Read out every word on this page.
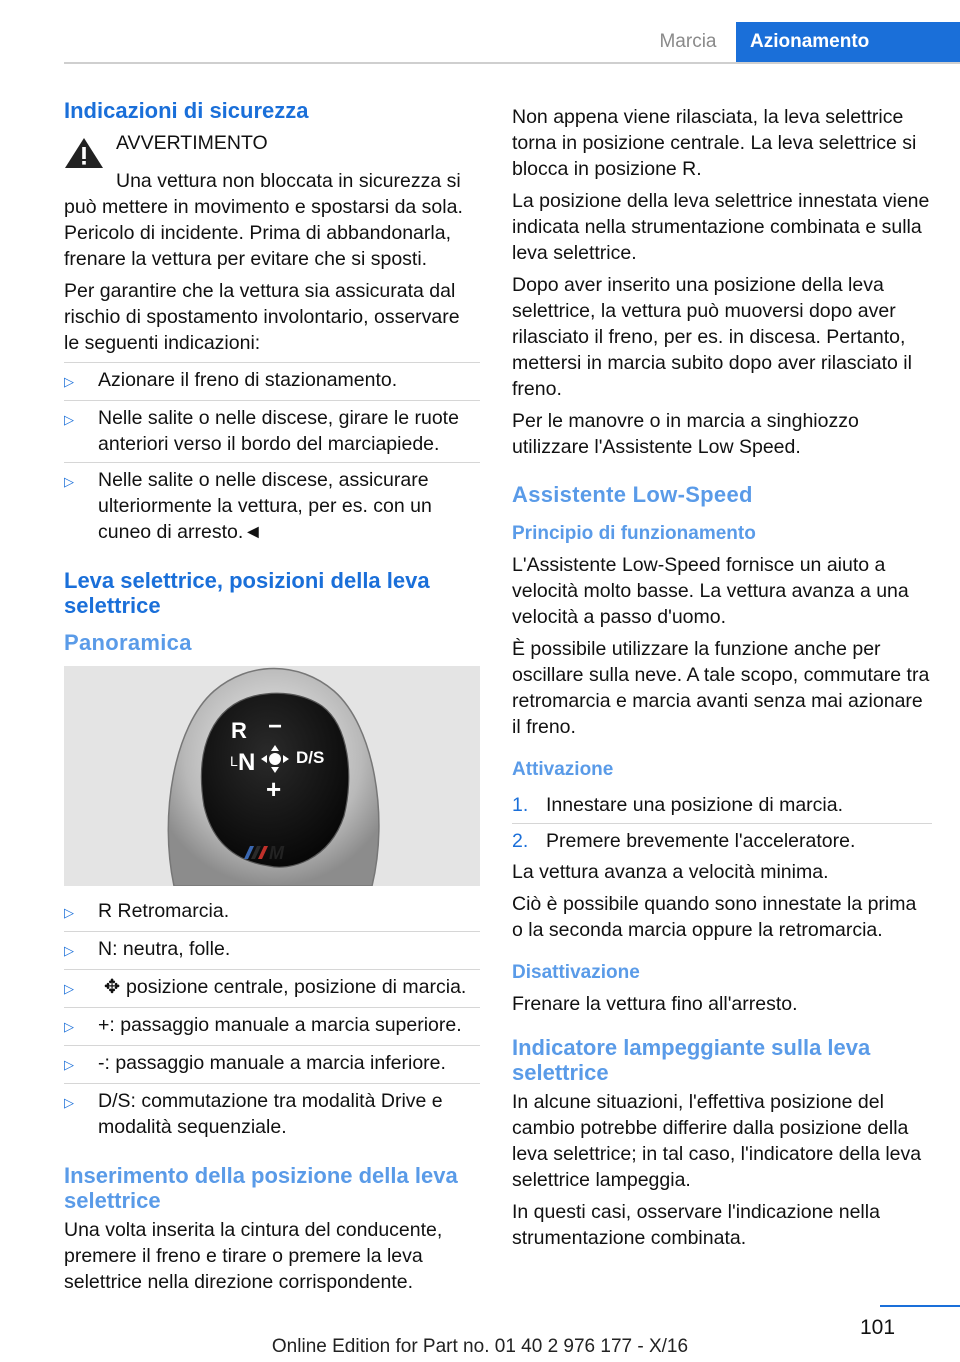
Marcia	Azionamento
Indicazioni di sicurezza

AVVERTIMENTO

Una vettura non bloccata in sicurezza si può mettere in movimento e spostarsi da sola. Pericolo di incidente. Prima di abbandonarla, frenare la vettura per evitare che si sposti.

Per garantire che la vettura sia assicurata dal rischio di spostamento involontario, osservare le seguenti indicazioni:

▷	Azionare il freno di stazionamento.
▷	Nelle salite o nelle discese, girare le ruote anteriori verso il bordo del marciapiede.
▷	Nelle salite o nelle discese, assicurare ulteriormente la vettura, per es. con un cuneo di arresto.◄
Leva selettrice, posizioni della leva selettrice
Panoramica
R −
L N D/S
+
M
▷	R Retromarcia.
▷	N: neutra, folle.
▷	✥ posizione centrale, posizione di marcia.
▷	+: passaggio manuale a marcia superiore.
▷	-: passaggio manuale a marcia inferiore.
▷	D/S: commutazione tra modalità Drive e modalità sequenziale.
Inserimento della posizione della leva selettrice

Una volta inserita la cintura del conducente, premere il freno e tirare o premere la leva selettrice nella direzione corrispondente.

Non appena viene rilasciata, la leva selettrice torna in posizione centrale. La leva selettrice si blocca in posizione R.

La posizione della leva selettrice innestata viene indicata nella strumentazione combinata e sulla leva selettrice.

Dopo aver inserito una posizione della leva selettrice, la vettura può muoversi dopo aver rilasciato il freno, per es. in discesa. Pertanto, mettersi in marcia subito dopo aver rilasciato il freno.

Per le manovre o in marcia a singhiozzo utilizzare l'Assistente Low Speed.

Assistente Low-Speed
Principio di funzionamento

L'Assistente Low-Speed fornisce un aiuto a velocità molto basse. La vettura avanza a una velocità a passo d'uomo.

È possibile utilizzare la funzione anche per oscillare sulla neve. A tale scopo, commutare tra retromarcia e marcia avanti senza mai azionare il freno.

Attivazione
1. Innestare una posizione di marcia.
2. Premere brevemente l'acceleratore.

La vettura avanza a velocità minima.

Ciò è possibile quando sono innestate la prima o la seconda marcia oppure la retromarcia.

Disattivazione

Frenare la vettura fino all'arresto.

Indicatore lampeggiante sulla leva selettrice

In alcune situazioni, l'effettiva posizione del cambio potrebbe differire dalla posizione della leva selettrice; in tal caso, l'indicatore della leva selettrice lampeggia.

In questi casi, osservare l'indicazione nella strumentazione combinata.

101
Online Edition for Part no. 01 40 2 976 177 - X/16
